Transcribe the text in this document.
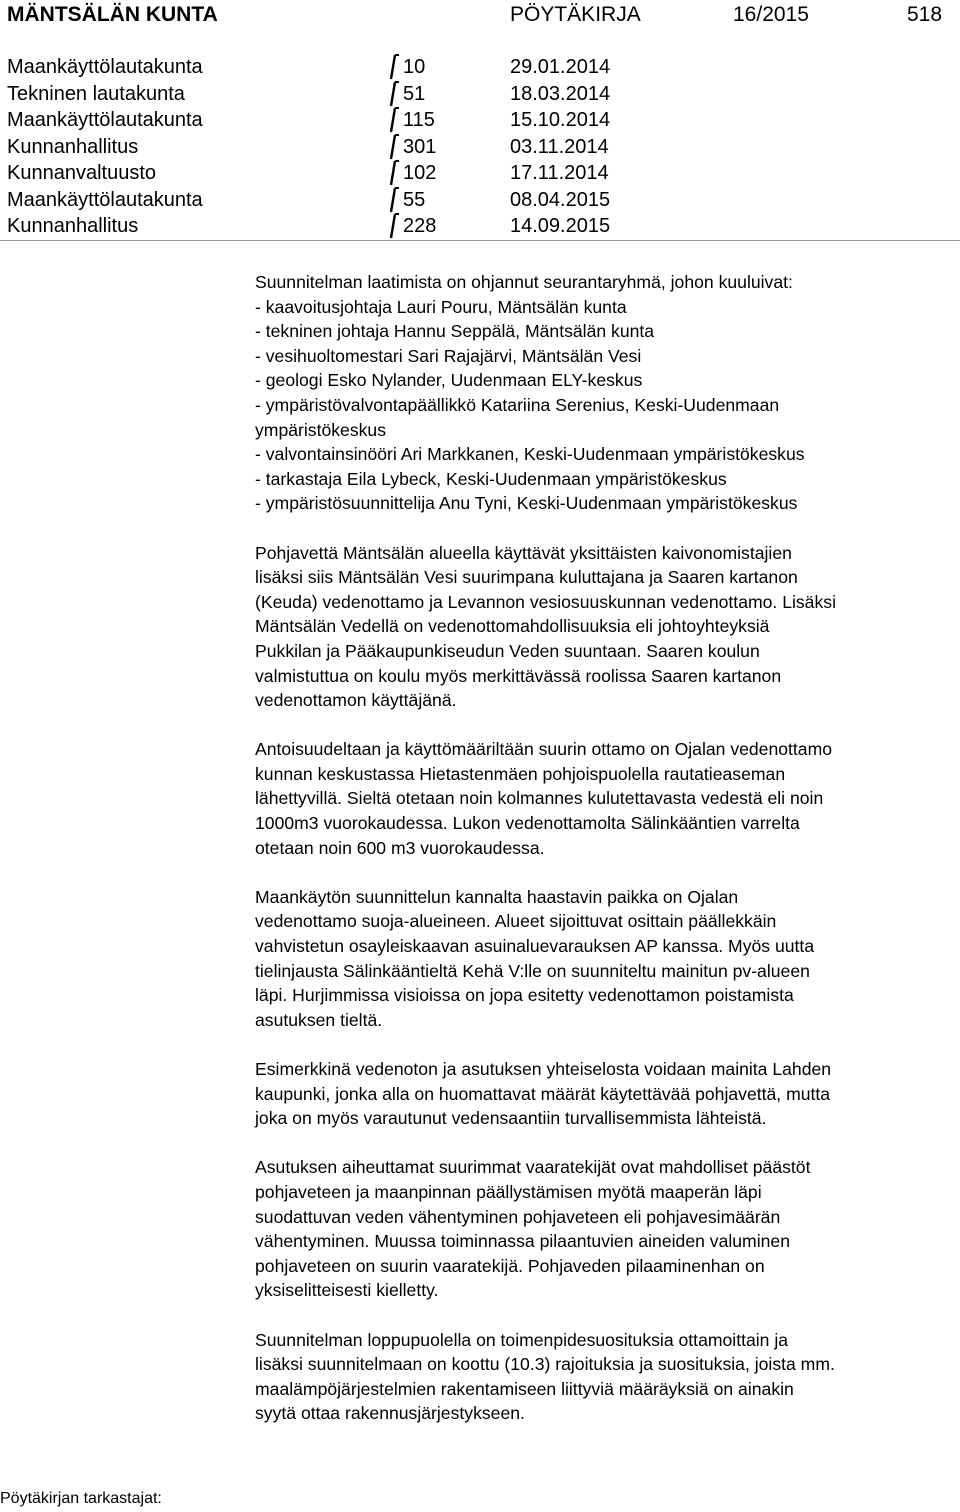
MÄNTSÄLÄN KUNTA	PÖYTÄKIRJA	16/2015	518
Maankäyttölautakunta	10	29.01.2014
Tekninen lautakunta	51	18.03.2014
Maankäyttölautakunta	115	15.10.2014
Kunnanhallitus	301	03.11.2014
Kunnanvaltuusto	102	17.11.2014
Maankäyttölautakunta	55	08.04.2015
Kunnanhallitus	228	14.09.2015
Suunnitelman laatimista on ohjannut seurantaryhmä, johon kuuluivat:
- kaavoitusjohtaja Lauri Pouru, Mäntsälän kunta
- tekninen johtaja Hannu Seppälä, Mäntsälän kunta
- vesihuoltomestari Sari Rajajärvi, Mäntsälän Vesi
- geologi Esko Nylander, Uudenmaan ELY-keskus
- ympäristövalvontapäällikkö Katariina Serenius, Keski-Uudenmaan
ympäristökeskus
- valvontainsinööri Ari Markkanen, Keski-Uudenmaan ympäristökeskus
- tarkastaja Eila Lybeck, Keski-Uudenmaan ympäristökeskus
- ympäristösuunnittelija Anu Tyni, Keski-Uudenmaan ympäristökeskus
Pohjavettä Mäntsälän alueella käyttävät yksittäisten kaivonomistajien
lisäksi siis Mäntsälän Vesi suurimpana kuluttajana ja Saaren kartanon
(Keuda) vedenottamo ja Levannon vesiosuuskunnan vedenottamo. Lisäksi
Mäntsälän Vedellä on vedenottomahdollisuuksia eli johtoyhteyksiä
Pukkilan ja Pääkaupunkiseudun Veden suuntaan. Saaren koulun
valmistuttua on koulu myös merkittävässä roolissa Saaren kartanon
vedenottamon käyttäjänä.
Antoisuudeltaan ja käyttömääriltään suurin ottamo on Ojalan vedenottamo
kunnan keskustassa Hietastenmäen pohjoispuolella rautatieaseman
lähettyvillä. Sieltä otetaan noin kolmannes kulutettavasta vedestä eli noin
1000m3 vuorokaudessa. Lukon vedenottamolta Sälinkääntien varrelta
otetaan noin 600 m3 vuorokaudessa.
Maankäytön suunnittelun kannalta haastavin paikka on Ojalan
vedenottamo suoja-alueineen. Alueet sijoittuvat osittain päällekkäin
vahvistetun osayleiskaavan asuinaluevarauksen AP kanssa. Myös uutta
tielinjausta Sälinkääntieltä Kehä V:lle on suunniteltu mainitun pv-alueen
läpi. Hurjimmissa visioissa on jopa esitetty vedenottamon poistamista
asutuksen tieltä.
Esimerkkinä vedenoton ja asutuksen yhteiselosta voidaan mainita Lahden
kaupunki, jonka alla on huomattavat määrät käytettävää pohjavettä, mutta
joka on myös varautunut vedensaantiin turvallisemmista lähteistä.
Asutuksen aiheuttamat suurimmat vaaratekijät ovat mahdolliset päästöt
pohjaveteen ja maanpinnan päällystämisen myötä maaperän läpi
suodattuvan veden vähentyminen pohjaveteen eli pohjavesimäärän
vähentyminen. Muussa toiminnassa pilaantuvien aineiden valuminen
pohjaveteen on suurin vaaratekijä. Pohjaveden pilaaminenhan on
yksiselitteisesti kielletty.
Suunnitelman loppupuolella on toimenpidesuosituksia ottamoittain ja
lisäksi suunnitelmaan on koottu (10.3) rajoituksia ja suosituksia, joista mm.
maalämpöjärjestelmien rakentamiseen liittyviä määräyksiä on ainakin
syytä ottaa rakennusjärjestykseen.
Pöytäkirjan tarkastajat:
